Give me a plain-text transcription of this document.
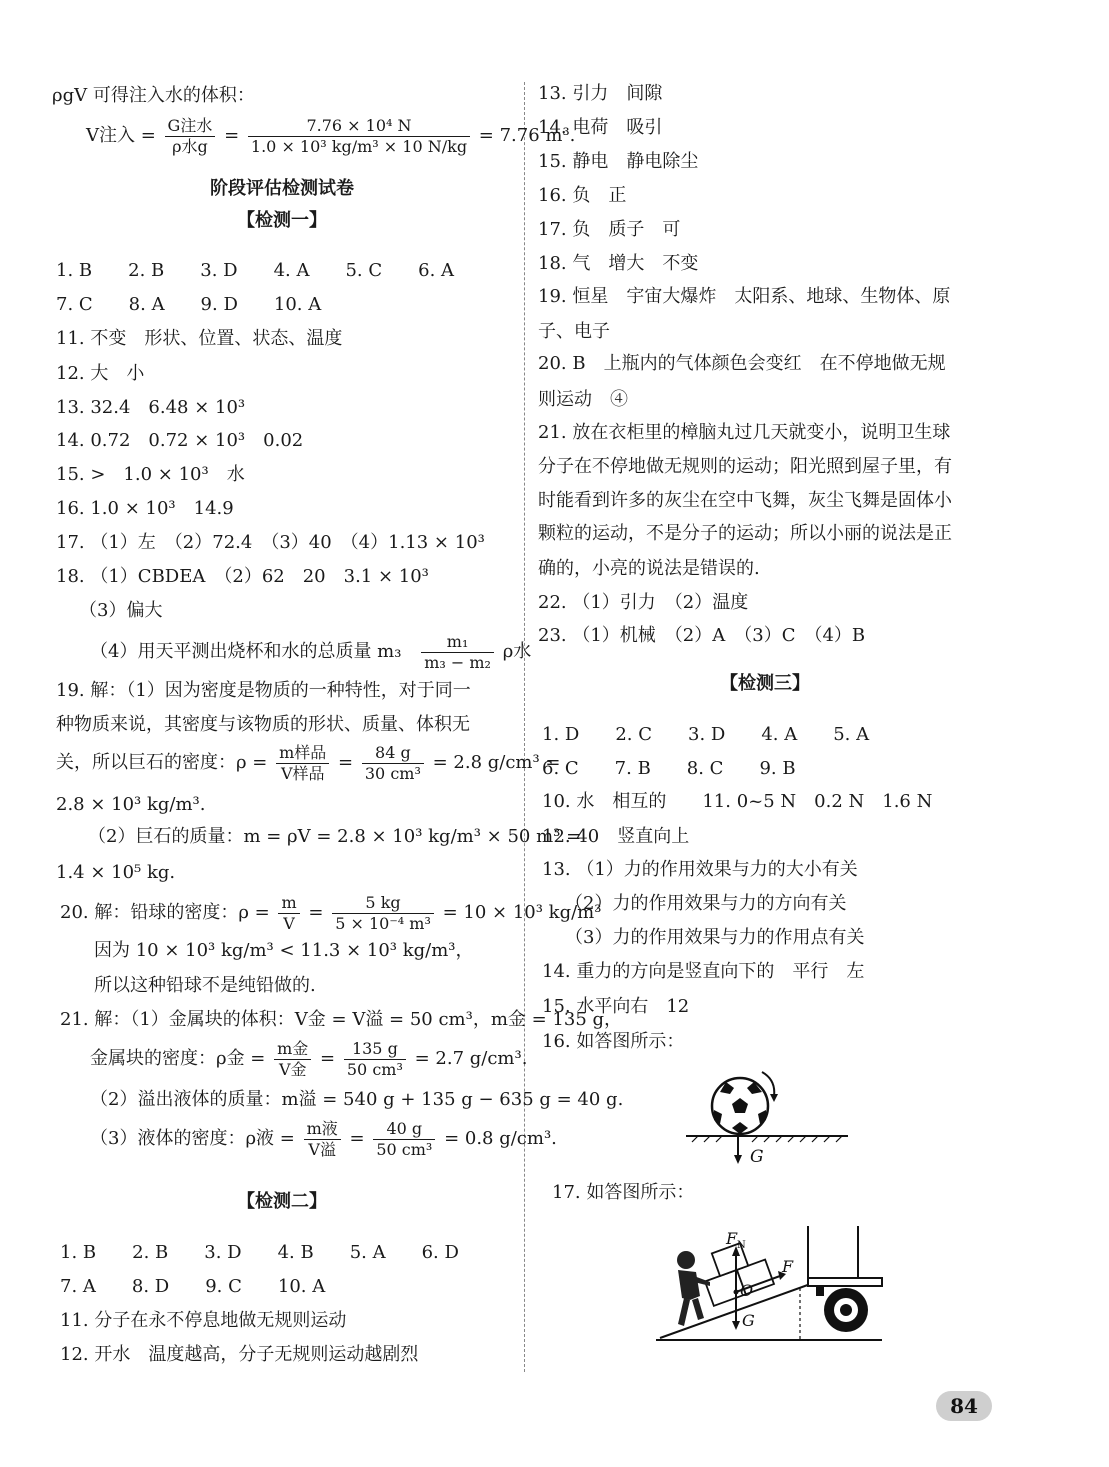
ρgV 可得注入水的体积：
V注入 = $\frac{\text{G注水}}{\text{ρ水g}} = \frac{\text{7.76 × 10⁴ N}}{\text{1.0 × 10³ kg/m³ × 10 N/kg}} = 7.76$ m³.
阶段评估检测试卷
【检测一】
1. B　　2. B　　3. D　　4. A　　5. C　　6. A
7. C　　8. A　　9. D　　10. A
11. 不变　形状、位置、状态、温度
12. 大　小
13. 32.4　6.48 × 10³
14. 0.72　0.72 × 10³　0.02
15. >　1.0 × 10³　水
16. 1.0 × 10³　14.9
17. （1）左　（2）72.4　（3）40　（4）1.13 × 10³
18. （1）CBDEA　（2）62　20　3.1 × 10³
　（3）偏大
（4）用天平测出烧杯和水的总质量 $m_3 \frac{\text{m₁}}{\text{m₃ − m₂}}$ ρ水
19. 解：（1）因为密度是物质的一种特性，对于同一
种物质来说，其密度与该物质的形状、质量、体积无
关，所以巨石的密度：$\rho = \frac{\text{m样品}}{\text{V样品}} = \frac{84 g}{\text{30 cm³}} = 2.8$ g/cm³ =
2.8 × 10³ kg/m³.
（2）巨石的质量：m = ρV = 2.8 × 10³ kg/m³ × 50 m³ =
1.4 × 10⁵ kg.
20. 解：铅球的密度：$\rho = \frac{m}{V} = \frac{5 kg}{\text{5 × 10⁻⁴ m³}} = 10 \times 10^3$ kg/m³
因为 10 × 10³ kg/m³ < 11.3 × 10³ kg/m³，
所以这种铅球不是纯铅做的.
21. 解：（1）金属块的体积：V金 = V溢 = 50 cm³，m金 = 135 g，
金属块的密度：ρ金 = $\frac{\text{m金}}{\text{V金}} = \frac{135 g}{\text{50 cm³}} = 2.7$ g/cm³.
（2）溢出液体的质量：m溢 = 540 g + 135 g − 635 g = 40 g.
（3）液体的密度：ρ液 = $\frac{\text{m液}}{\text{V溢}} = \frac{40 g}{\text{50 cm³}} = 0.8$ g/cm³.
【检测二】
1. B　　2. B　　3. D　　4. B　　5. A　　6. D
7. A　　8. D　　9. C　　10. A
11. 分子在永不停息地做无规则运动
12. 开水　温度越高，分子无规则运动越剧烈
13. 引力　间隙
14. 电荷　吸引
15. 静电　静电除尘
16. 负　正
17. 负　质子　可
18. 气　增大　不变
19. 恒星　宇宙大爆炸　太阳系、地球、生物体、原
子、电子
20. B　上瓶内的气体颜色会变红　在不停地做无规
则运动　④
21. 放在衣柜里的樟脑丸过几天就变小，说明卫生球
分子在不停地做无规则的运动；阳光照到屋子里，有
时能看到许多的灰尘在空中飞舞，灰尘飞舞是固体小
颗粒的运动，不是分子的运动；所以小丽的说法是正
确的，小亮的说法是错误的.
22. （1）引力　（2）温度
23. （1）机械　（2）A　（3）C　（4）B
【检测三】
1. D　　2. C　　3. D　　4. A　　5. A
6. C　　7. B　　8. C　　9. B
10. 水　相互的　　11. 0~5 N　0.2 N　1.6 N
12. 40　竖直向上
13. （1）力的作用效果与力的大小有关
　（2）力的作用效果与力的方向有关
　（3）力的作用效果与力的作用点有关
14. 重力的方向是竖直向下的　平行　左
15. 水平向右　12
16. 如答图所示：
G
17. 如答图所示：
F N
F
O
G
84
